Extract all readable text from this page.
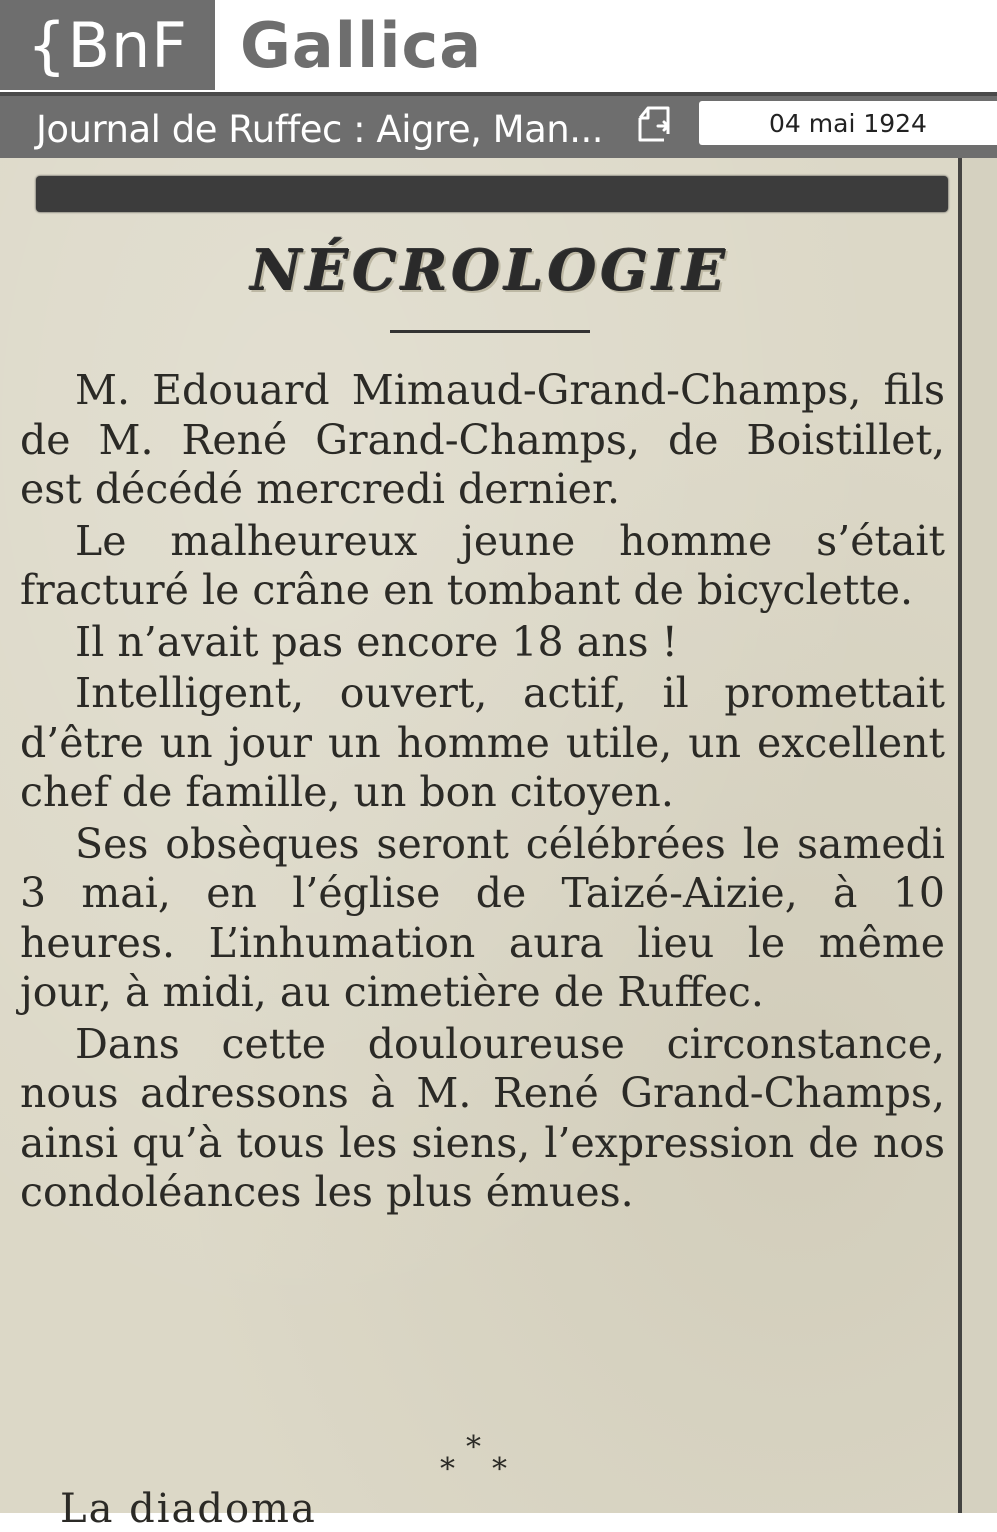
{BnF Gallica
Journal de Ruffec : Aigre, Man...	04 mai 1924
NÉCROLOGIE

M. Edouard Mimaud-Grand-Champs, fils de M. René Grand-Champs, de Boistillet, est décédé mercredi dernier.

Le malheureux jeune homme s’était fracturé le crâne en tombant de bicyclette.

Il n’avait pas encore 18 ans !

Intelligent, ouvert, actif, il promettait d’être un jour un homme utile, un excellent chef de famille, un bon citoyen.

Ses obsèques seront célébrées le samedi 3 mai, en l’église de Taizé-Aizie, à 10 heures. L’inhumation aura lieu le même jour, à midi, au cimetière de Ruffec.

Dans cette douloureuse circonstance, nous adressons à M. René Grand-Champs, ainsi qu’à tous les siens, l’expression de nos condoléances les plus émues.

*
* *
La diadoma
